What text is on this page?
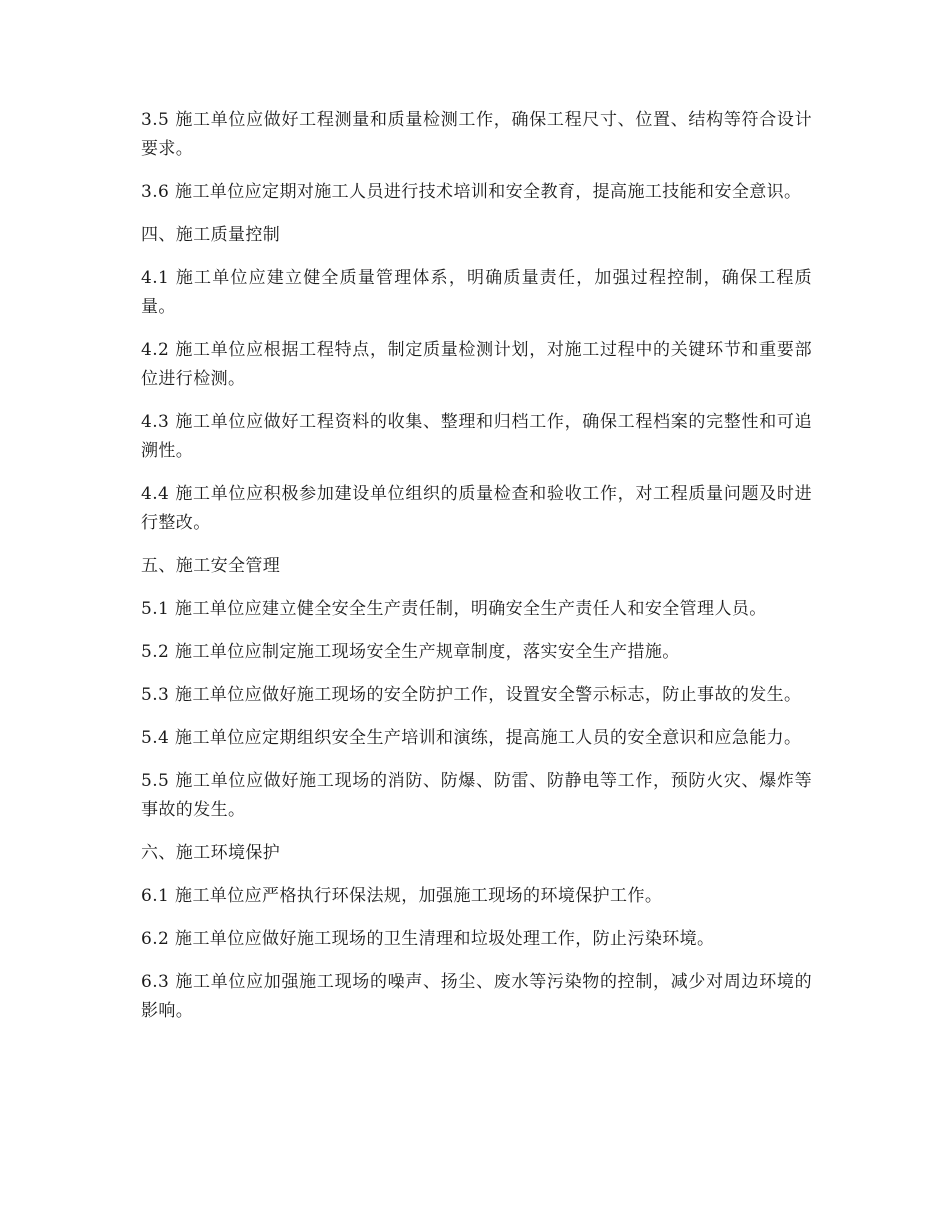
3.5 施工单位应做好工程测量和质量检测工作，确保工程尺寸、位置、结构等符合设计要求。

3.6 施工单位应定期对施工人员进行技术培训和安全教育，提高施工技能和安全意识。

四、施工质量控制

4.1 施工单位应建立健全质量管理体系，明确质量责任，加强过程控制，确保工程质量。

4.2 施工单位应根据工程特点，制定质量检测计划，对施工过程中的关键环节和重要部位进行检测。

4.3 施工单位应做好工程资料的收集、整理和归档工作，确保工程档案的完整性和可追溯性。

4.4 施工单位应积极参加建设单位组织的质量检查和验收工作，对工程质量问题及时进行整改。

五、施工安全管理

5.1 施工单位应建立健全安全生产责任制，明确安全生产责任人和安全管理人员。

5.2 施工单位应制定施工现场安全生产规章制度，落实安全生产措施。

5.3 施工单位应做好施工现场的安全防护工作，设置安全警示标志，防止事故的发生。

5.4 施工单位应定期组织安全生产培训和演练，提高施工人员的安全意识和应急能力。

5.5 施工单位应做好施工现场的消防、防爆、防雷、防静电等工作，预防火灾、爆炸等事故的发生。

六、施工环境保护

6.1 施工单位应严格执行环保法规，加强施工现场的环境保护工作。

6.2 施工单位应做好施工现场的卫生清理和垃圾处理工作，防止污染环境。

6.3 施工单位应加强施工现场的噪声、扬尘、废水等污染物的控制，减少对周边环境的影响。
